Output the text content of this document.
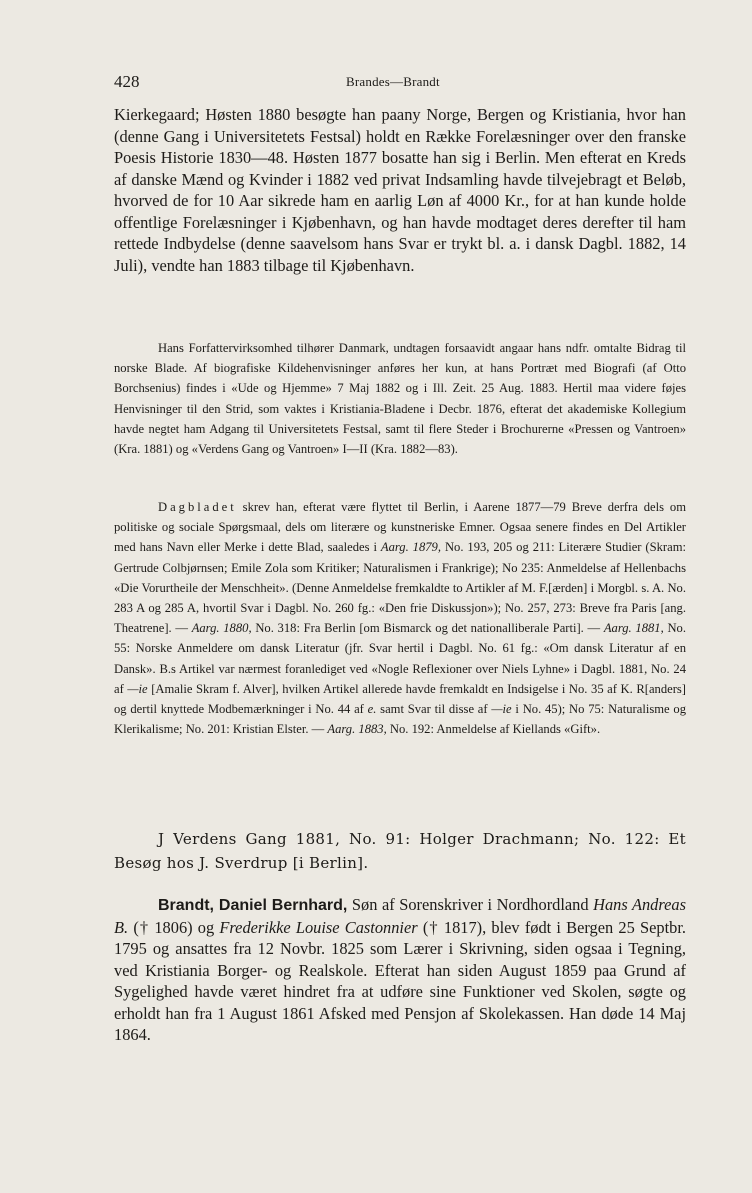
428	Brandes—Brandt

Kierkegaard; Høsten 1880 besøgte han paany Norge, Bergen og Kristiania, hvor han (denne Gang i Universitetets Festsal) holdt en Række Forelæsninger over den franske Poesis Historie 1830—48. Høsten 1877 bosatte han sig i Berlin. Men efterat en Kreds af danske Mænd og Kvinder i 1882 ved privat Indsamling havde tilvejebragt et Beløb, hvorved de for 10 Aar sikrede ham en aarlig Løn af 4000 Kr., for at han kunde holde offentlige Forelæsninger i Kjøbenhavn, og han havde modtaget deres derefter til ham rettede Indbydelse (denne saavelsom hans Svar er trykt bl. a. i dansk Dagbl. 1882, 14 Juli), vendte han 1883 tilbage til Kjøbenhavn.

Hans Forfattervirksomhed tilhører Danmark, undtagen forsaavidt angaar hans ndfr. omtalte Bidrag til norske Blade. Af biografiske Kildehenvisninger anføres her kun, at hans Portræt med Biografi (af Otto Borchsenius) findes i «Ude og Hjemme» 7 Maj 1882 og i Ill. Zeit. 25 Aug. 1883. Hertil maa videre føjes Henvisninger til den Strid, som vaktes i Kristiania-Bladene i Decbr. 1876, efterat det akademiske Kollegium havde negtet ham Adgang til Universitetets Festsal, samt til flere Steder i Brochurerne «Pressen og Vantroen» (Kra. 1881) og «Verdens Gang og Vantroen» I—II (Kra. 1882—83).

Dagbladet skrev han, efterat være flyttet til Berlin, i Aarene 1877—79 Breve derfra dels om politiske og sociale Spørgsmaal, dels om literære og kunstneriske Emner. Ogsaa senere findes en Del Artikler med hans Navn eller Merke i dette Blad, saaledes i Aarg. 1879, No. 193, 205 og 211: Literære Studier (Skram: Gertrude Colbjørnsen; Emile Zola som Kritiker; Naturalismen i Frankrige); No 235: Anmeldelse af Hellenbachs «Die Vorurtheile der Menschheit». (Denne Anmeldelse fremkaldte to Artikler af M. F.[ærden] i Morgbl. s. A. No. 283 A og 285 A, hvortil Svar i Dagbl. No. 260 fg.: «Den frie Diskussjon»); No. 257, 273: Breve fra Paris [ang. Theatrene]. — Aarg. 1880, No. 318: Fra Berlin [om Bismarck og det nationalliberale Parti]. — Aarg. 1881, No. 55: Norske Anmeldere om dansk Literatur (jfr. Svar hertil i Dagbl. No. 61 fg.: «Om dansk Literatur af en Dansk». B.s Artikel var nærmest foranlediget ved «Nogle Reflexioner over Niels Lyhne» i Dagbl. 1881, No. 24 af —ie [Amalie Skram f. Alver], hvilken Artikel allerede havde fremkaldt en Indsigelse i No. 35 af K. R[anders] og dertil knyttede Modbemærkninger i No. 44 af e. samt Svar til disse af —ie i No. 45); No 75: Naturalisme og Klerikalisme; No. 201: Kristian Elster. — Aarg. 1883, No. 192: Anmeldelse af Kiellands «Gift».

J Verdens Gang 1881, No. 91: Holger Drachmann; No. 122: Et Besøg hos J. Sverdrup [i Berlin].

Brandt, Daniel Bernhard, Søn af Sorenskriver i Nordhordland Hans Andreas B. († 1806) og Frederikke Louise Castonnier († 1817), blev født i Bergen 25 Septbr. 1795 og ansattes fra 12 Novbr. 1825 som Lærer i Skrivning, siden ogsaa i Tegning, ved Kristiania Borger- og Realskole. Efterat han siden August 1859 paa Grund af Sygelighed havde været hindret fra at udføre sine Funktioner ved Skolen, søgte og erholdt han fra 1 August 1861 Afsked med Pensjon af Skolekassen. Han døde 14 Maj 1864.
